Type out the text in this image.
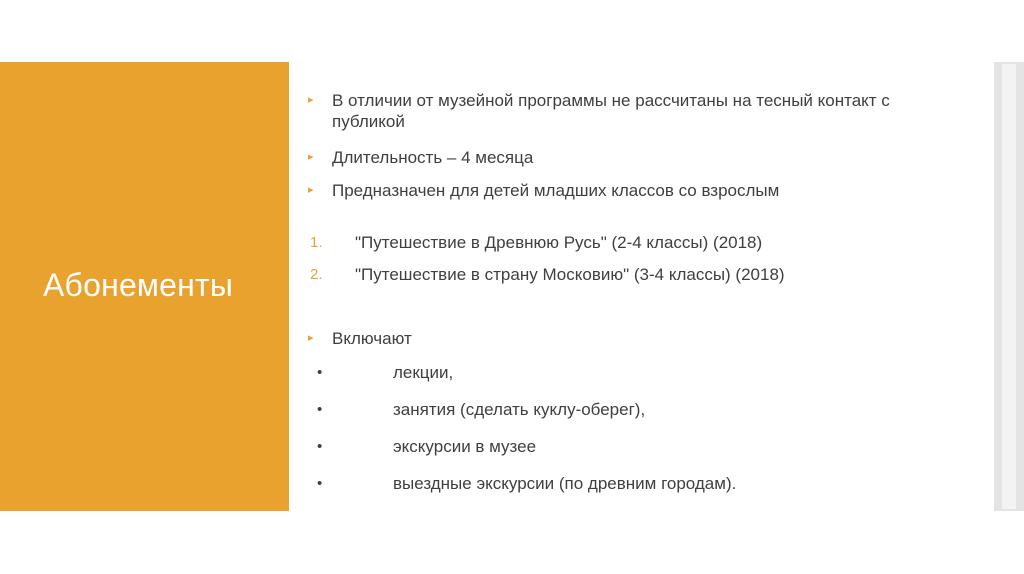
Абонементы
▸ В отличии от музейной программы не рассчитаны на тесный контакт с публикой
▸ Длительность – 4 месяца
▸ Предназначен для детей младших классов со взрослым
1. "Путешествие в Древнюю Русь" (2-4 классы) (2018)
2. "Путешествие в страну Московию" (3-4 классы) (2018)
▸ Включают
•	лекции,
•	занятия (сделать куклу-оберег),
•	экскурсии в музее
•	выездные экскурсии (по древним городам).
